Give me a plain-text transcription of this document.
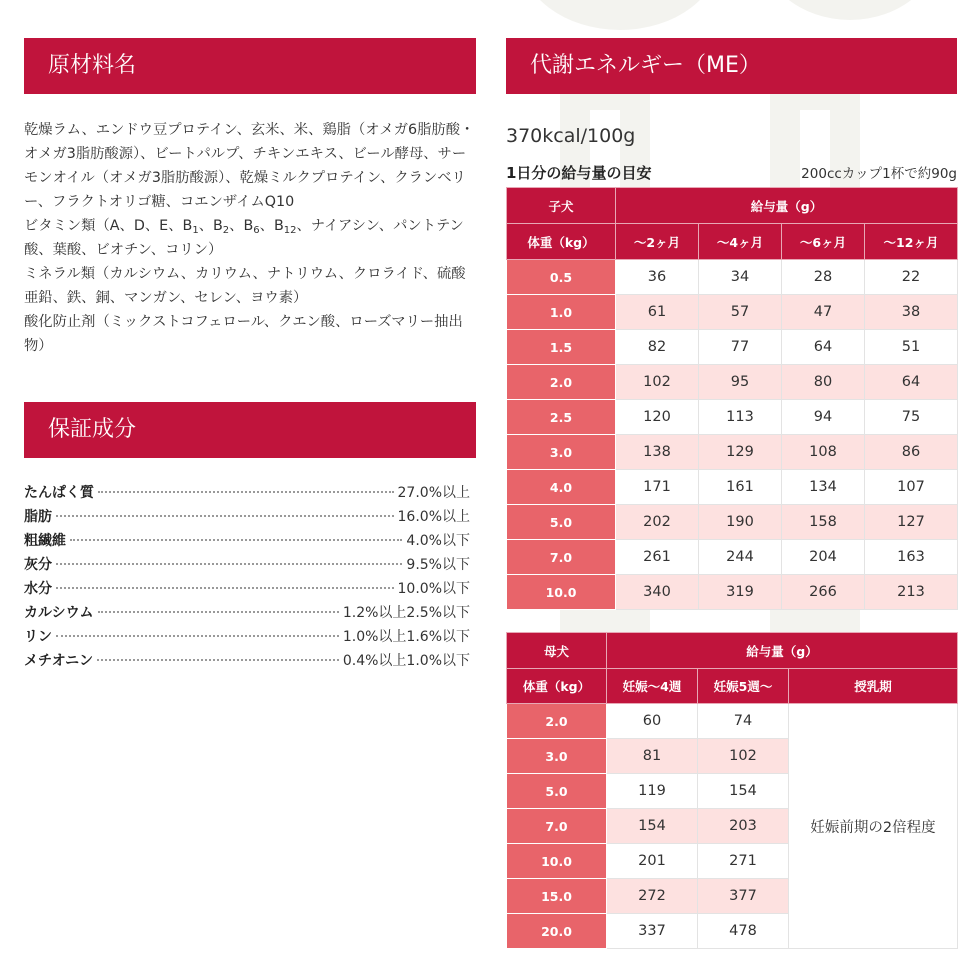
原材料名

乾燥ラム、エンドウ豆プロテイン、玄米、米、鶏脂（オメガ6脂肪酸・オメガ3脂肪酸源）、ビートパルプ、チキンエキス、ビール酵母、サーモンオイル（オメガ3脂肪酸源）、乾燥ミルクプロテイン、クランベリー、フラクトオリゴ糖、コエンザイムQ10

ビタミン類（A、D、E、$B_1$、$B_2$、$B_6$、$B_{12}$、ナイアシン、パントテン酸、葉酸、ビオチン、コリン）

ミネラル類（カルシウム、カリウム、ナトリウム、クロライド、硫酸亜鉛、鉄、銅、マンガン、セレン、ヨウ素）

酸化防止剤（ミックストコフェロール、クエン酸、ローズマリー抽出物）

保証成分
たんぱく質	27.0%以上
脂肪	16.0%以上
粗繊維	4.0%以下
灰分	9.5%以下
水分	10.0%以下
カルシウム	1.2%以上2.5%以下
リン	1.0%以上1.6%以下
メチオニン	0.4%以上1.0%以下
代謝エネルギー（ME）
370kcal/100g
1日分の給与量の目安	200ccカップ1杯で約90g
子犬	給与量（g）			
体重（kg）	〜2ヶ月	〜4ヶ月	〜6ヶ月	〜12ヶ月
0.5	36	34	28	22
1.0	61	57	47	38
1.5	82	77	64	51
2.0	102	95	80	64
2.5	120	113	94	75
3.0	138	129	108	86
4.0	171	161	134	107
5.0	202	190	158	127
7.0	261	244	204	163
10.0	340	319	266	213
母犬	給与量（g）		
体重（kg）	妊娠〜4週	妊娠5週〜	授乳期
2.0	60	74	妊娠前期の2倍程度
3.0	81	102	
5.0	119	154	
7.0	154	203	
10.0	201	271	
15.0	272	377	
20.0	337	478	
